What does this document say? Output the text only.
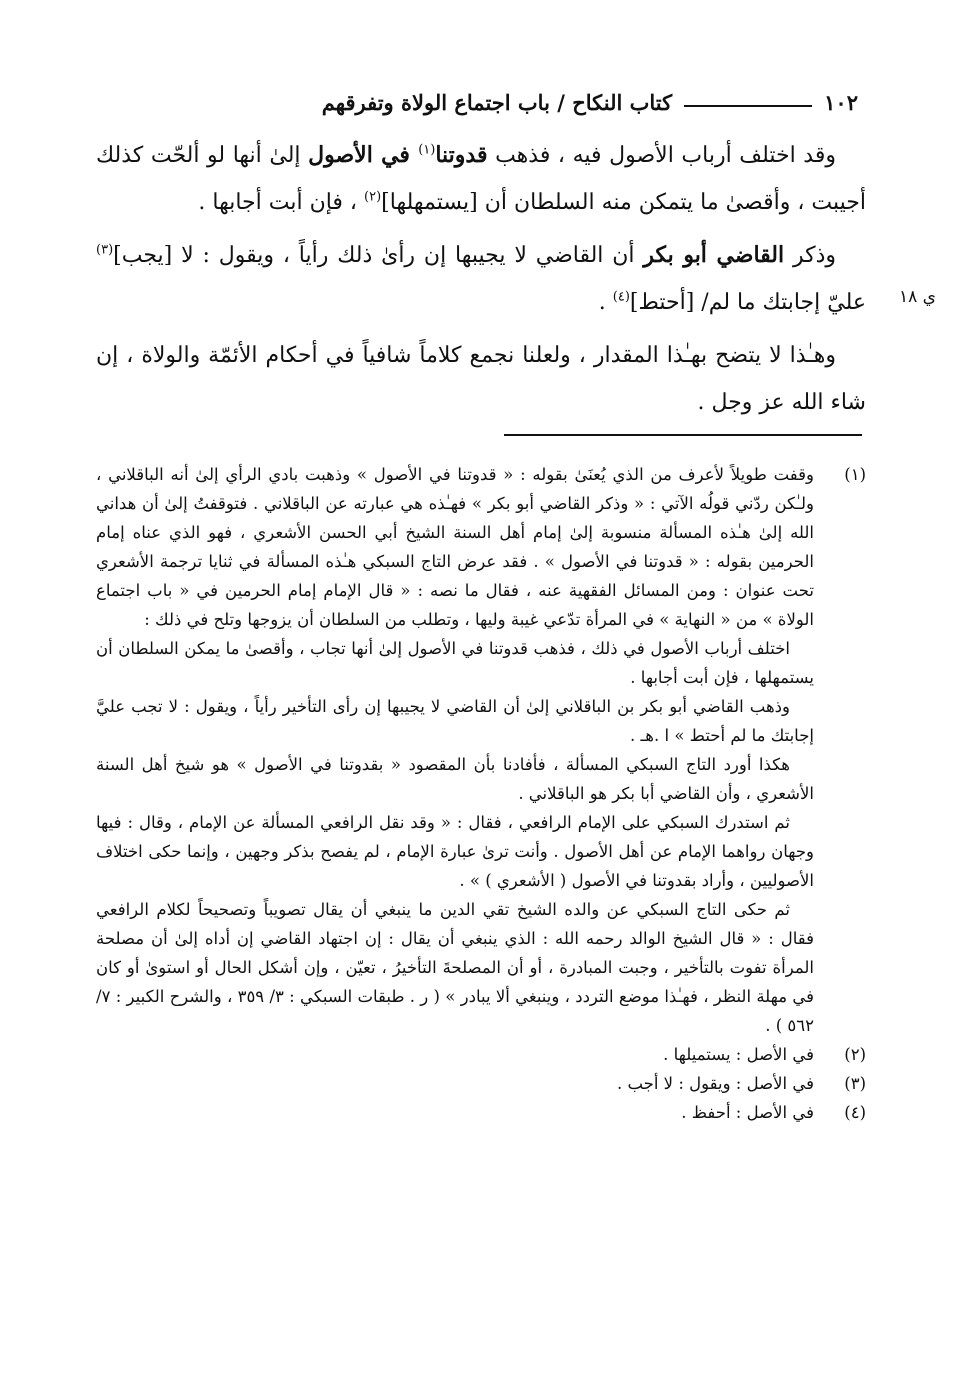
١٠٢
كتاب النكاح / باب اجتماع الولاة وتفرقهم
ي ١٨

وقد اختلف أرباب الأصول فيه ، فذهب قدوتنا$^{(١)}$ في الأصول إلىٰ أنها لو ألحّت كذلك أجيبت ، وأقصىٰ ما يتمكن منه السلطان أن [يستمهلها]$^{(٢)}$ ، فإن أبت أجابها .

وذكر القاضي أبو بكر أن القاضي لا يجيبها إن رأىٰ ذلك رأياً ، ويقول : لا [يجب]$^{(٣)}$ عليّ إجابتك ما لم/ [أحتط]$^{(٤)}$ .

وهـٰذا لا يتضح بهـٰذا المقدار ، ولعلنا نجمع كلاماً شافياً في أحكام الأئمّة والولاة ، إن شاء الله عز وجل .

(١)

وقفت طويلاً لأعرف من الذي يُعنَىٰ بقوله : « قدوتنا في الأصول » وذهبت بادي الرأي إلىٰ أنه الباقلاني ، ولـٰكن ردّني قولُه الآتي : « وذكر القاضي أبو بكر » فهـٰذه هي عبارته عن الباقلاني . فتوقفتُ إلىٰ أن هداني الله إلىٰ هـٰذه المسألة منسوبة إلىٰ إمام أهل السنة الشيخ أبي الحسن الأشعري ، فهو الذي عناه إمام الحرمين بقوله : « قدوتنا في الأصول » . فقد عرض التاج السبكي هـٰذه المسألة في ثنايا ترجمة الأشعري تحت عنوان : ومن المسائل الفقهية عنه ، فقال ما نصه : « قال الإمام إمام الحرمين في « باب اجتماع الولاة » من « النهاية » في المرأة تدّعي غيبة وليها ، وتطلب من السلطان أن يزوجها وتلح في ذلك :

اختلف أرباب الأصول في ذلك ، فذهب قدوتنا في الأصول إلىٰ أنها تجاب ، وأقصىٰ ما يمكن السلطان أن يستمهلها ، فإن أبت أجابها .

وذهب القاضي أبو بكر بن الباقلاني إلىٰ أن القاضي لا يجيبها إن رأى التأخير رأياً ، ويقول : لا تجب عليَّ إجابتك ما لم أحتط » ا .هـ .

هكذا أورد التاج السبكي المسألة ، فأفادنا بأن المقصود « بقدوتنا في الأصول » هو شيخ أهل السنة الأشعري ، وأن القاضي أبا بكر هو الباقلاني .

ثم استدرك السبكي على الإمام الرافعي ، فقال : « وقد نقل الرافعي المسألة عن الإمام ، وقال : فيها وجهان رواهما الإمام عن أهل الأصول . وأنت ترىٰ عبارة الإمام ، لم يفصح بذكر وجهين ، وإنما حكى اختلاف الأصوليين ، وأراد بقدوتنا في الأصول ( الأشعري ) » .

ثم حكى التاج السبكي عن والده الشيخ تقي الدين ما ينبغي أن يقال تصويباً وتصحيحاً لكلام الرافعي فقال : « قال الشيخ الوالد رحمه الله : الذي ينبغي أن يقال : إن اجتهاد القاضي إن أداه إلىٰ أن مصلحة المرأة تفوت بالتأخير ، وجبت المبادرة ، أو أن المصلحةَ التأخيرُ ، تعيّن ، وإن أشكل الحال أو استوىٰ أو كان في مهلة النظر ، فهـٰذا موضع التردد ، وينبغي ألا يبادر » ( ر . طبقات السبكي : ٣/ ٣٥٩ ، والشرح الكبير : ٧/ ٥٦٢ ) .

(٢)

في الأصل : يستميلها .

(٣)

في الأصل : ويقول : لا أجب .

(٤)

في الأصل : أحفظ .
